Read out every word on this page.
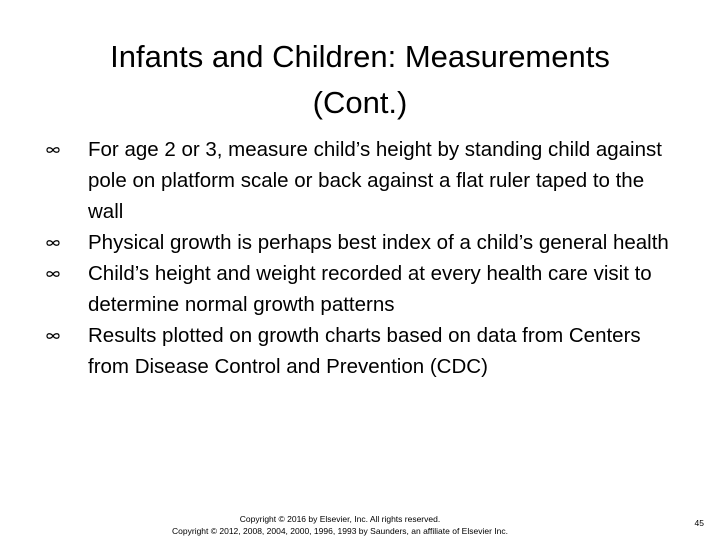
Infants and Children: Measurements
(Cont.)
For age 2 or 3, measure child’s height by standing child against pole on platform scale or back against a flat ruler taped to the wall
Physical growth is perhaps best index of a child’s general health
Child’s height and weight recorded at every health care visit to determine normal growth patterns
Results plotted on growth charts based on data from Centers from Disease Control and Prevention (CDC)
Copyright © 2016 by Elsevier, Inc. All rights reserved.
Copyright © 2012, 2008, 2004, 2000, 1996, 1993 by Saunders, an affiliate of Elsevier Inc.
45
